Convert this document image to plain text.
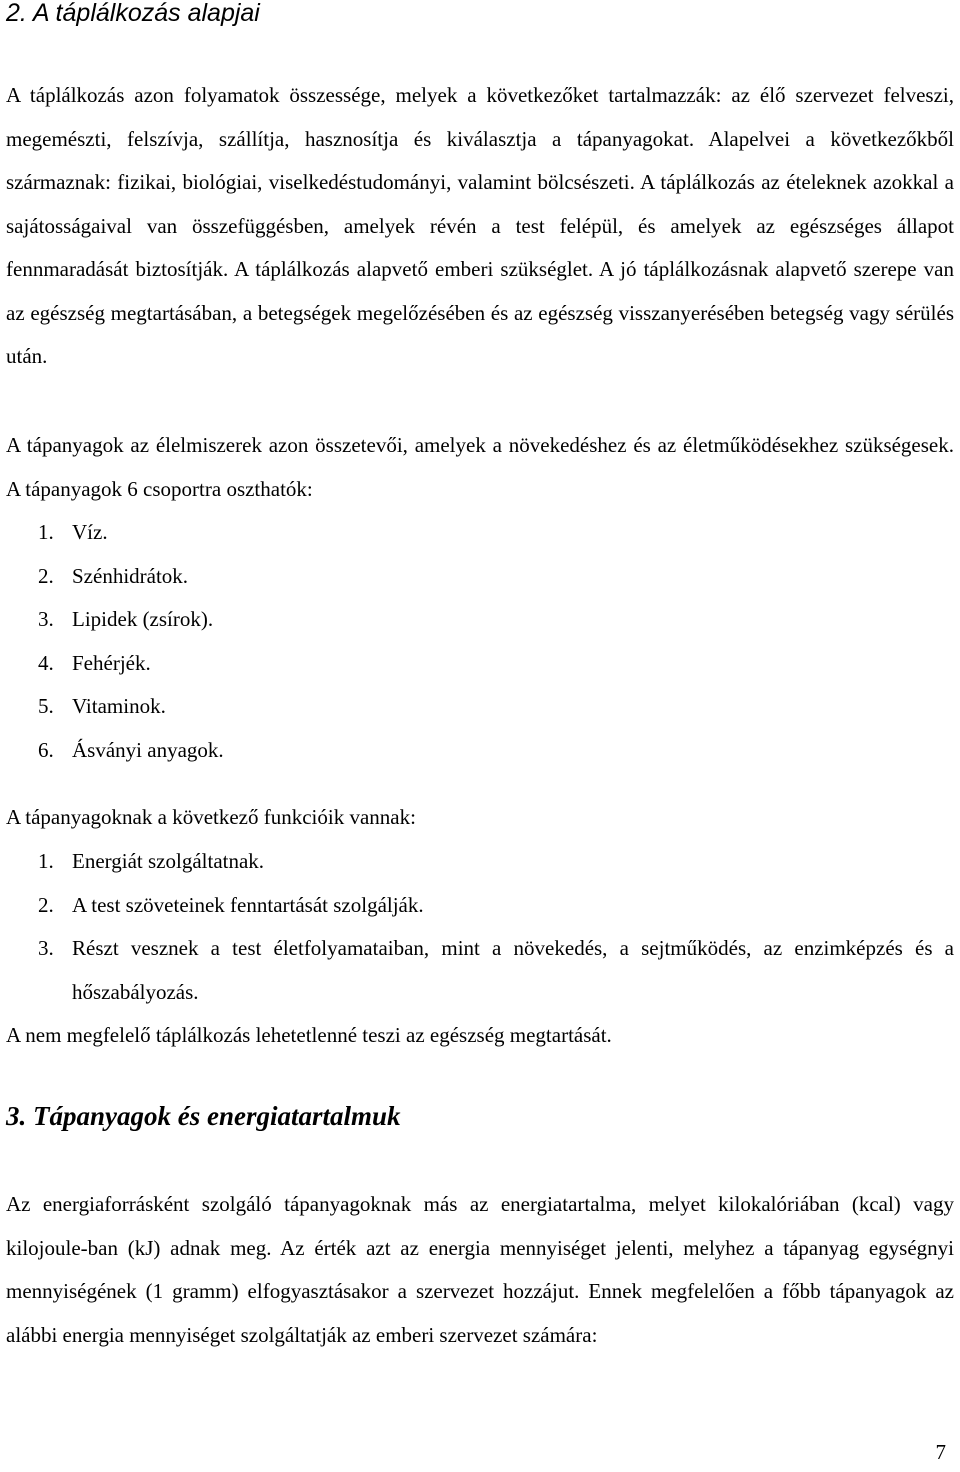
2. A táplálkozás alapjai

A táplálkozás azon folyamatok összessége, melyek a következőket tartalmazzák: az élő szervezet felveszi, megemészti, felszívja, szállítja, hasznosítja és kiválasztja a tápanyagokat. Alapelvei a következőkből származnak: fizikai, biológiai, viselkedéstudományi, valamint bölcsészeti. A táplálkozás az ételeknek azokkal a sajátosságaival van összefüggésben, amelyek révén a test felépül, és amelyek az egészséges állapot fennmaradását biztosítják. A táplálkozás alapvető emberi szükséglet. A jó táplálkozásnak alapvető szerepe van az egészség megtartásában, a betegségek megelőzésében és az egészség visszanyerésében betegség vagy sérülés után.

A tápanyagok az élelmiszerek azon összetevői, amelyek a növekedéshez és az életműködésekhez szükségesek. A tápanyagok 6 csoportra oszthatók:

1. Víz.
2. Szénhidrátok.
3. Lipidek (zsírok).
4. Fehérjék.
5. Vitaminok.
6. Ásványi anyagok.

A tápanyagoknak a következő funkcióik vannak:

1. Energiát szolgáltatnak.
2. A test szöveteinek fenntartását szolgálják.
3. Részt vesznek a test életfolyamataiban, mint a növekedés, a sejtműködés, az enzimképzés és a hőszabályozás.

A nem megfelelő táplálkozás lehetetlenné teszi az egészség megtartását.

3. Tápanyagok és energiatartalmuk

Az energiaforrásként szolgáló tápanyagoknak más az energiatartalma, melyet kilokalóriában (kcal) vagy kilojoule-ban (kJ) adnak meg. Az érték azt az energia mennyiséget jelenti, melyhez a tápanyag egységnyi mennyiségének (1 gramm) elfogyasztásakor a szervezet hozzájut. Ennek megfelelően a főbb tápanyagok az alábbi energia mennyiséget szolgáltatják az emberi szervezet számára:

7
